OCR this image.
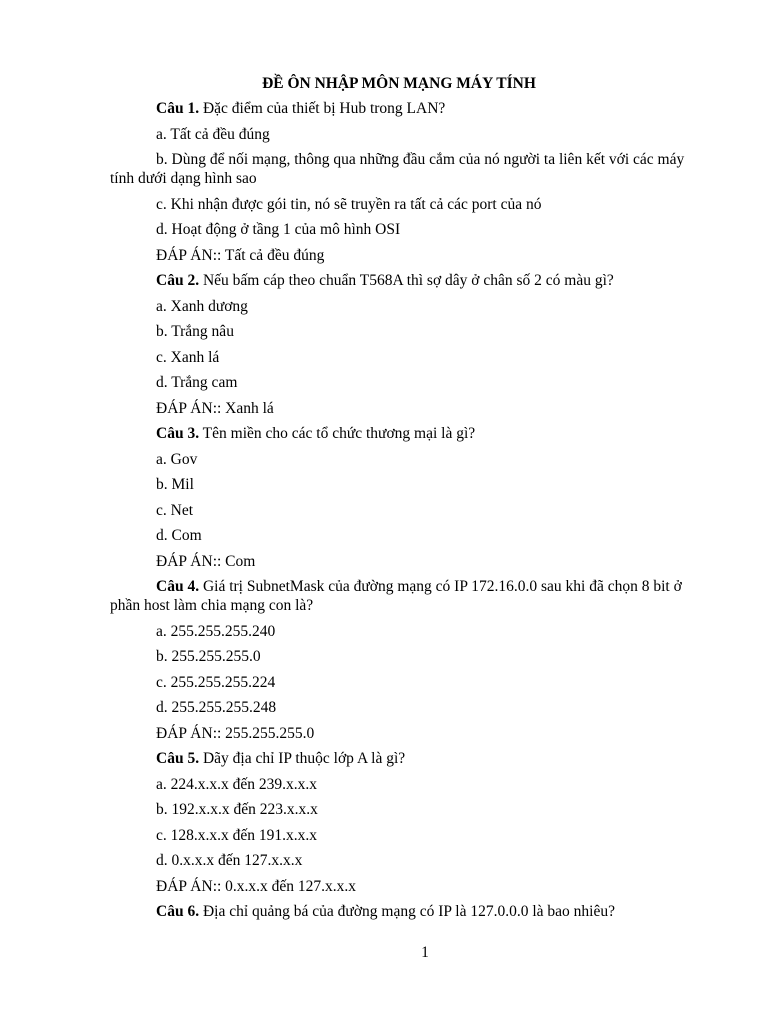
ĐỀ ÔN NHẬP MÔN MẠNG MÁY TÍNH

Câu 1. Đặc điểm của thiết bị Hub trong LAN?

a. Tất cả đều đúng

b. Dùng để nối mạng, thông qua những đầu cắm của nó người ta liên kết với các máy tính dưới dạng hình sao

c. Khi nhận được gói tin, nó sẽ truyền ra tất cả các port của nó

d. Hoạt động ở tầng 1 của mô hình OSI

ĐÁP ÁN:: Tất cả đều đúng

Câu 2. Nếu bấm cáp theo chuẩn T568A thì sợ dây ở chân số 2 có màu gì?

a. Xanh dương

b. Trắng nâu

c. Xanh lá

d. Trắng cam

ĐÁP ÁN:: Xanh lá

Câu 3. Tên miền cho các tổ chức thương mại là gì?

a. Gov

b. Mil

c. Net

d. Com

ĐÁP ÁN:: Com

Câu 4. Giá trị SubnetMask của đường mạng có IP 172.16.0.0 sau khi đã chọn 8 bit ở phần host làm chia mạng con là?

a. 255.255.255.240

b. 255.255.255.0

c. 255.255.255.224

d. 255.255.255.248

ĐÁP ÁN:: 255.255.255.0

Câu 5. Dãy địa chỉ IP thuộc lớp A là gì?

a. 224.x.x.x đến 239.x.x.x

b. 192.x.x.x đến 223.x.x.x

c. 128.x.x.x đến 191.x.x.x

d. 0.x.x.x đến 127.x.x.x

ĐÁP ÁN:: 0.x.x.x đến 127.x.x.x

Câu 6. Địa chỉ quảng bá của đường mạng có IP là 127.0.0.0 là bao nhiêu?

1
